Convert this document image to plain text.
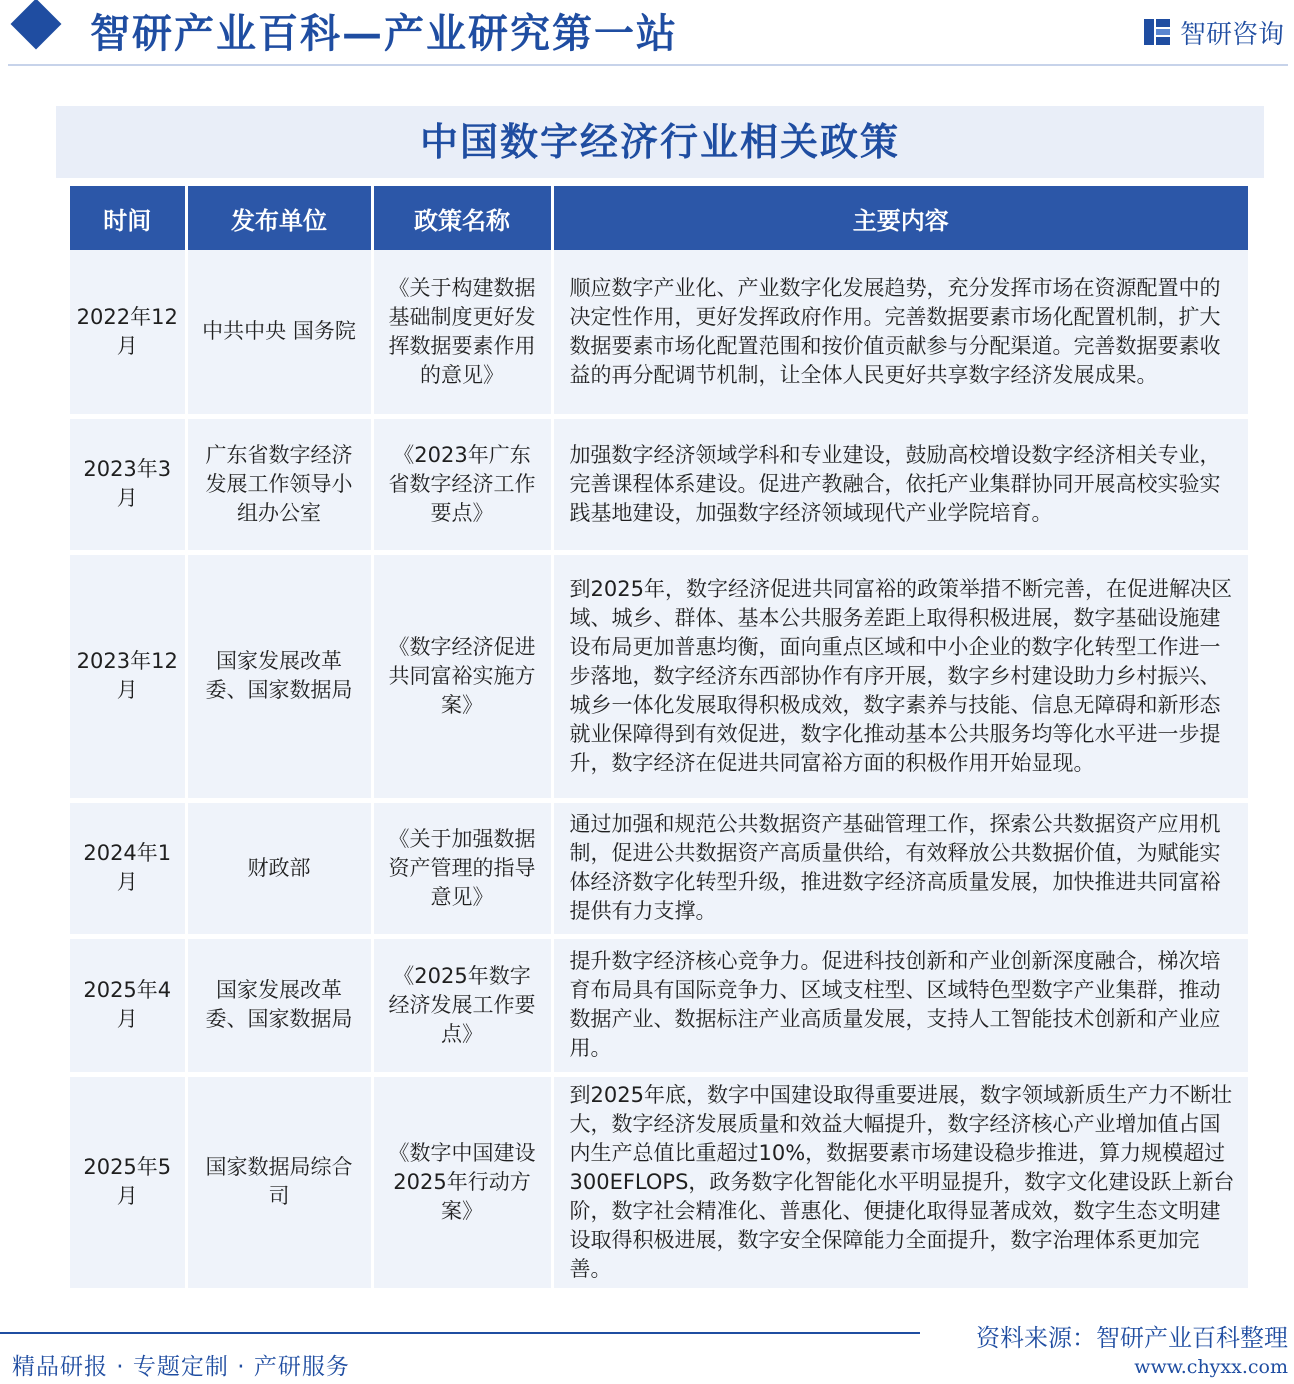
智研产业百科—产业研究第一站	智研咨询
中国数字经济行业相关政策
时间	发布单位	政策名称	主要内容
2022年12月	中共中央 国务院	《关于构建数据基础制度更好发挥数据要素作用的意见》	顺应数字产业化、产业数字化发展趋势，充分发挥市场在资源配置中的决定性作用，更好发挥政府作用。完善数据要素市场化配置机制，扩大数据要素市场化配置范围和按价值贡献参与分配渠道。完善数据要素收益的再分配调节机制，让全体人民更好共享数字经济发展成果。
2023年3月	广东省数字经济发展工作领导小组办公室	《2023年广东省数字经济工作要点》	加强数字经济领域学科和专业建设，鼓励高校增设数字经济相关专业，完善课程体系建设。促进产教融合，依托产业集群协同开展高校实验实践基地建设，加强数字经济领域现代产业学院培育。
2023年12月	国家发展改革委、国家数据局	《数字经济促进共同富裕实施方案》	到2025年，数字经济促进共同富裕的政策举措不断完善，在促进解决区域、城乡、群体、基本公共服务差距上取得积极进展，数字基础设施建设布局更加普惠均衡，面向重点区域和中小企业的数字化转型工作进一步落地，数字经济东西部协作有序开展，数字乡村建设助力乡村振兴、城乡一体化发展取得积极成效，数字素养与技能、信息无障碍和新形态就业保障得到有效促进，数字化推动基本公共服务均等化水平进一步提升，数字经济在促进共同富裕方面的积极作用开始显现。
2024年1月	财政部	《关于加强数据资产管理的指导意见》	通过加强和规范公共数据资产基础管理工作，探索公共数据资产应用机制，促进公共数据资产高质量供给，有效释放公共数据价值，为赋能实体经济数字化转型升级，推进数字经济高质量发展，加快推进共同富裕提供有力支撑。
2025年4月	国家发展改革委、国家数据局	《2025年数字经济发展工作要点》	提升数字经济核心竞争力。促进科技创新和产业创新深度融合，梯次培育布局具有国际竞争力、区域支柱型、区域特色型数字产业集群，推动数据产业、数据标注产业高质量发展，支持人工智能技术创新和产业应用。
2025年5月	国家数据局综合司	《数字中国建设2025年行动方案》	到2025年底，数字中国建设取得重要进展，数字领域新质生产力不断壮大，数字经济发展质量和效益大幅提升，数字经济核心产业增加值占国内生产总值比重超过10%，数据要素市场建设稳步推进，算力规模超过300EFLOPS，政务数字化智能化水平明显提升，数字文化建设跃上新台阶，数字社会精准化、普惠化、便捷化取得显著成效，数字生态文明建设取得积极进展，数字安全保障能力全面提升，数字治理体系更加完善。
资料来源：智研产业百科整理
精品研报 · 专题定制 · 产研服务	www.chyxx.com
